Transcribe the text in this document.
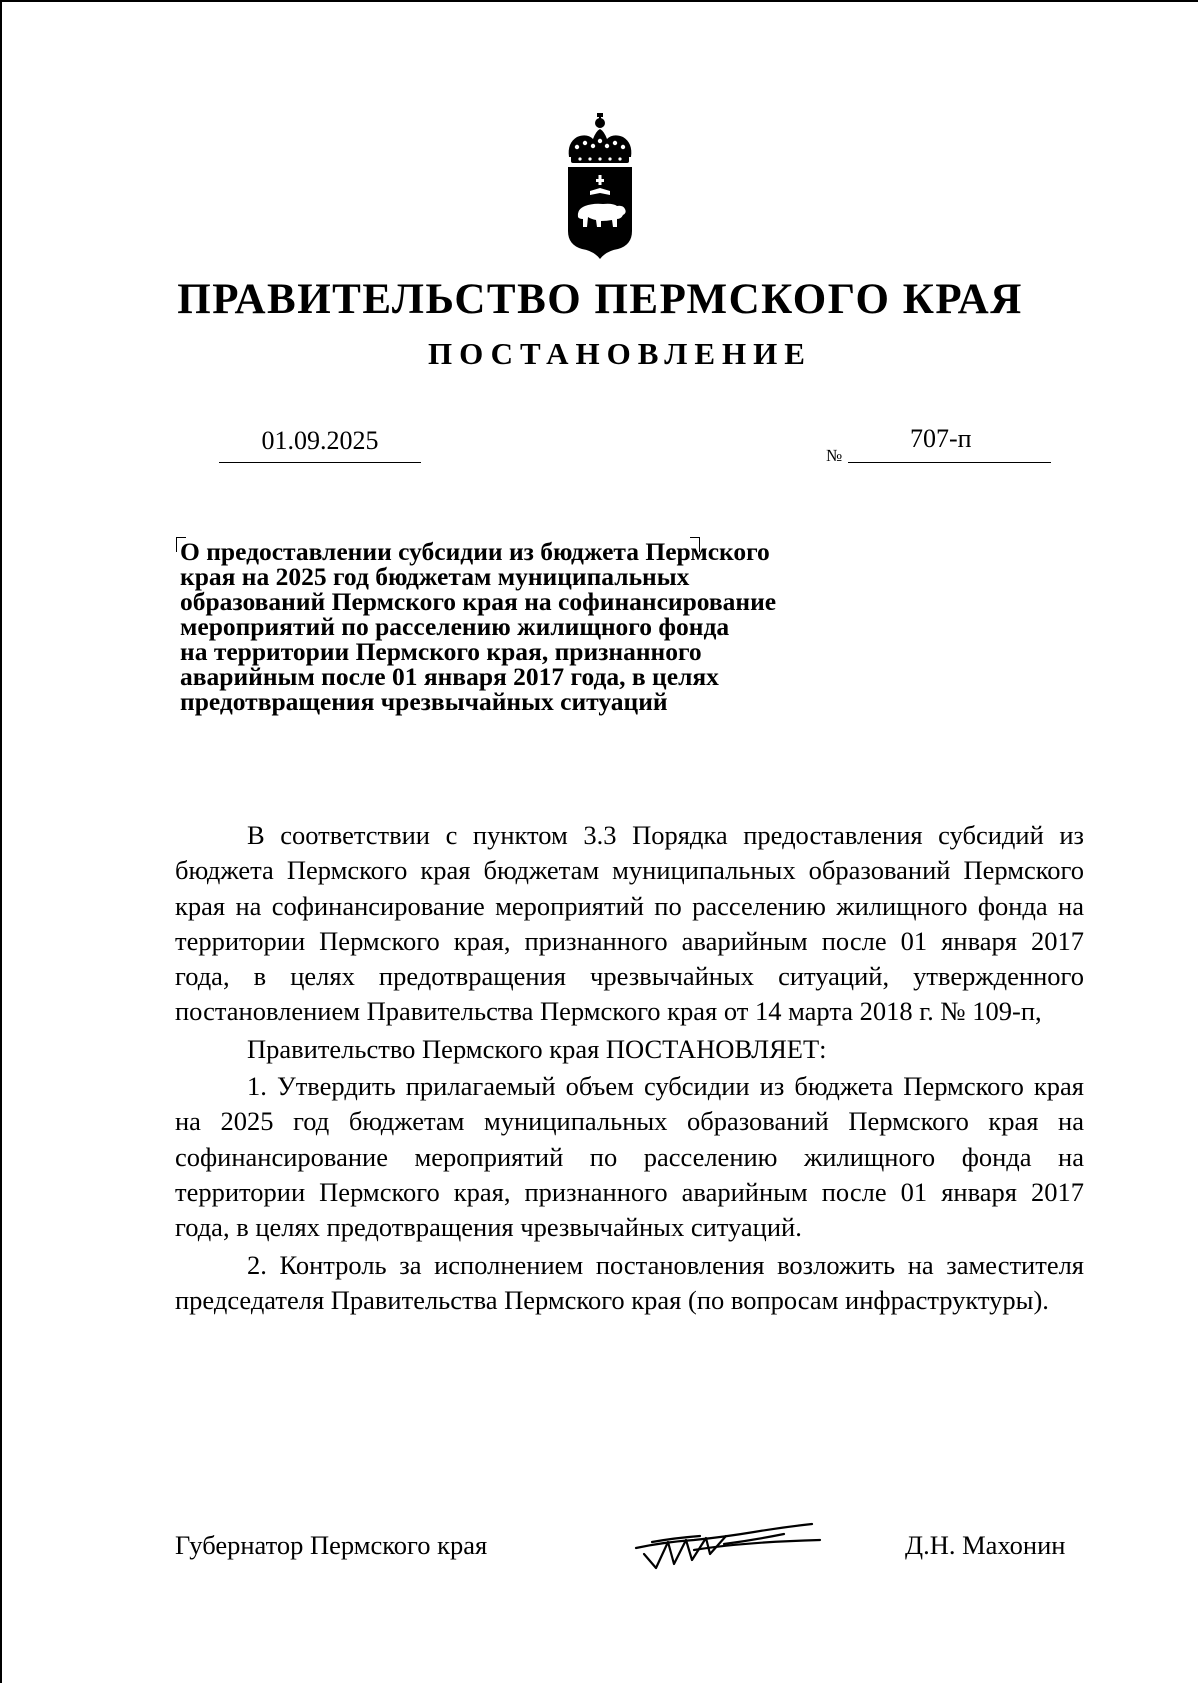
ПРАВИТЕЛЬСТВО ПЕРМСКОГО КРАЯ
ПОСТАНОВЛЕНИЕ
01.09.2025
№
707-п
О предоставлении субсидии из бюджета Пермского
края на 2025 год бюджетам муниципальных
образований Пермского края на софинансирование
мероприятий по расселению жилищного фонда
на территории Пермского края, признанного
аварийным после 01 января 2017 года, в целях
предотвращения чрезвычайных ситуаций

В соответствии с пунктом 3.3 Порядка предоставления субсидий из бюджета Пермского края бюджетам муниципальных образований Пермского края на софинансирование мероприятий по расселению жилищного фонда на территории Пермского края, признанного аварийным после 01 января 2017 года, в целях предотвращения чрезвычайных ситуаций, утвержденного постановлением Правительства Пермского края от 14 марта 2018 г. № 109-п,

Правительство Пермского края ПОСТАНОВЛЯЕТ:

1. Утвердить прилагаемый объем субсидии из бюджета Пермского края на 2025 год бюджетам муниципальных образований Пермского края на софинансирование мероприятий по расселению жилищного фонда на территории Пермского края, признанного аварийным после 01 января 2017 года, в целях предотвращения чрезвычайных ситуаций.

2. Контроль за исполнением постановления возложить на заместителя председателя Правительства Пермского края (по вопросам инфраструктуры).

Губернатор Пермского края	Д.Н. Махонин
